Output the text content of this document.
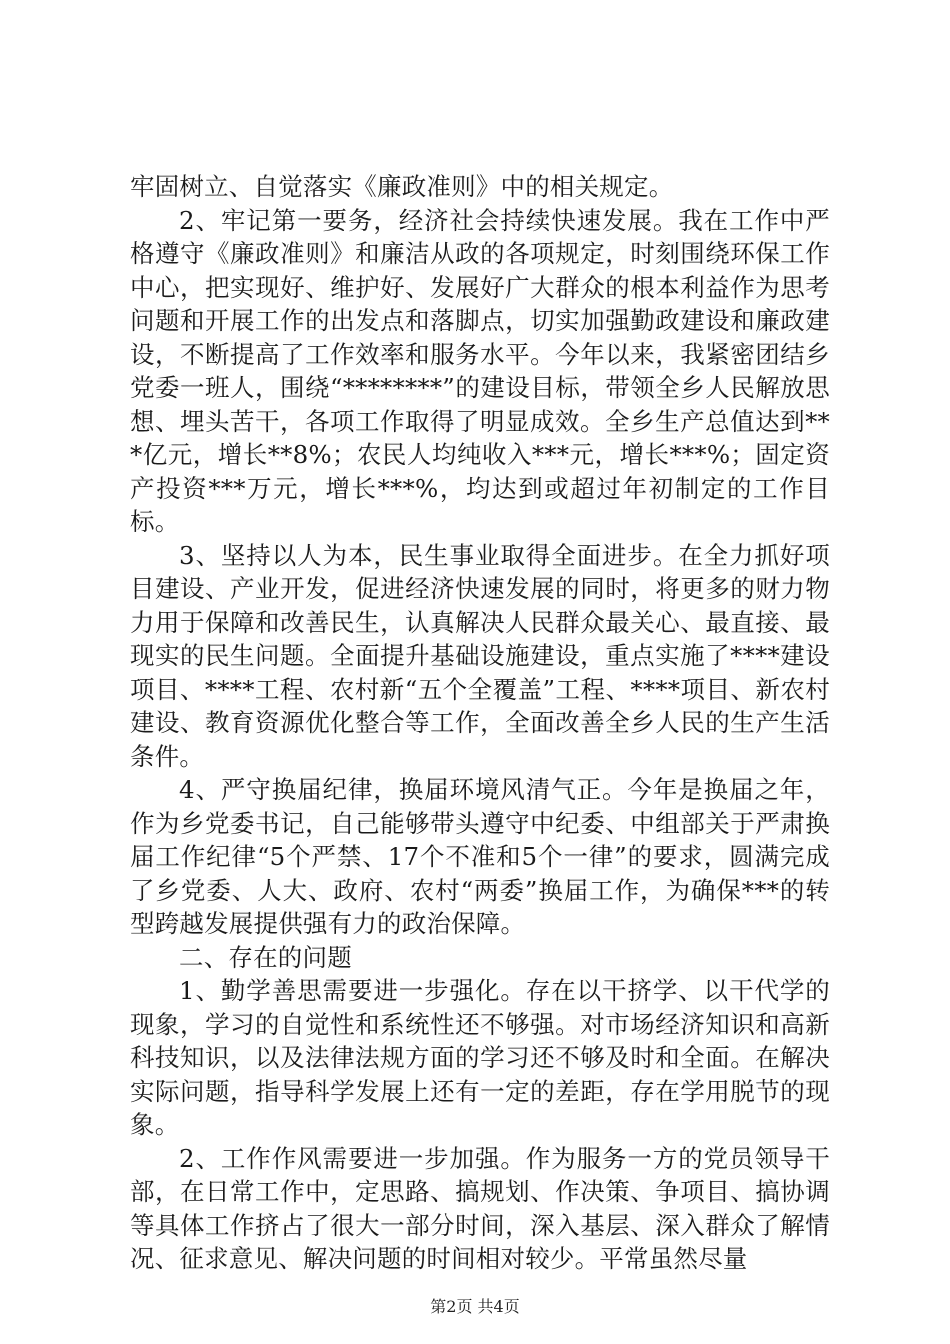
牢固树立、自觉落实《廉政准则》中的相关规定。

2、牢记第一要务，经济社会持续快速发展。我在工作中严格遵守《廉政准则》和廉洁从政的各项规定，时刻围绕环保工作中心，把实现好、维护好、发展好广大群众的根本利益作为思考问题和开展工作的出发点和落脚点，切实加强勤政建设和廉政建设，不断提高了工作效率和服务水平。今年以来，我紧密团结乡党委一班人，围绕“********”的建设目标，带领全乡人民解放思想、埋头苦干，各项工作取得了明显成效。全乡生产总值达到***亿元，增长**8%；农民人均纯收入***元，增长***%；固定资产投资***万元，增长***%，均达到或超过年初制定的工作目标。

3、坚持以人为本，民生事业取得全面进步。在全力抓好项目建设、产业开发，促进经济快速发展的同时，将更多的财力物力用于保障和改善民生，认真解决人民群众最关心、最直接、最现实的民生问题。全面提升基础设施建设，重点实施了****建设项目、****工程、农村新“五个全覆盖”工程、****项目、新农村建设、教育资源优化整合等工作，全面改善全乡人民的生产生活条件。

4、严守换届纪律，换届环境风清气正。今年是换届之年，作为乡党委书记，自己能够带头遵守中纪委、中组部关于严肃换届工作纪律“5个严禁、17个不准和5个一律”的要求，圆满完成了乡党委、人大、政府、农村“两委”换届工作，为确保***的转型跨越发展提供强有力的政治保障。

二、存在的问题

1、勤学善思需要进一步强化。存在以干挤学、以干代学的现象，学习的自觉性和系统性还不够强。对市场经济知识和高新科技知识，以及法律法规方面的学习还不够及时和全面。在解决实际问题，指导科学发展上还有一定的差距，存在学用脱节的现象。

2、工作作风需要进一步加强。作为服务一方的党员领导干部，在日常工作中，定思路、搞规划、作决策、争项目、搞协调等具体工作挤占了很大一部分时间，深入基层、深入群众了解情况、征求意见、解决问题的时间相对较少。平常虽然尽量

第2页 共4页
